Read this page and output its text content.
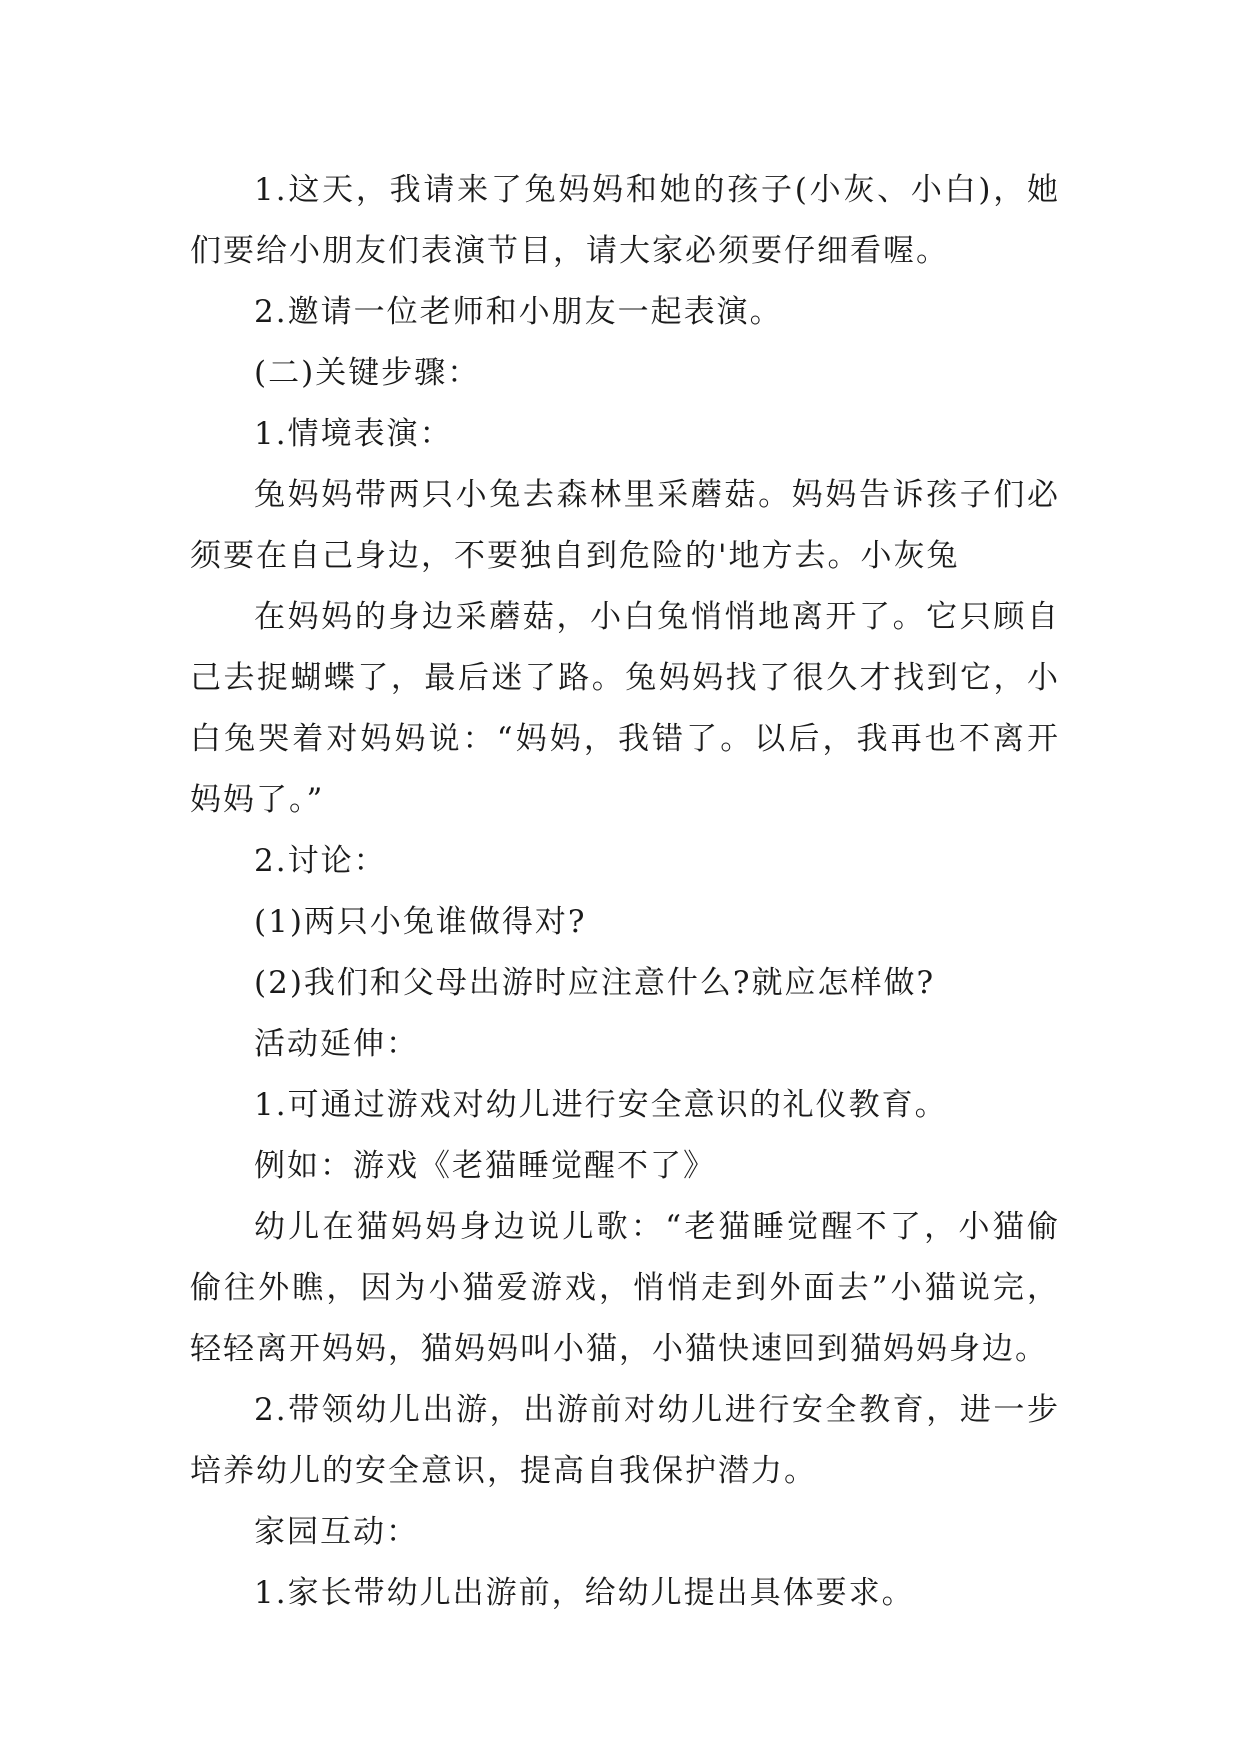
1.这天，我请来了兔妈妈和她的孩子(小灰、小白)，她们要给小朋友们表演节目，请大家必须要仔细看喔。

2.邀请一位老师和小朋友一起表演。

(二)关键步骤：

1.情境表演：

兔妈妈带两只小兔去森林里采蘑菇。妈妈告诉孩子们必须要在自己身边，不要独自到危险的'地方去。小灰兔

在妈妈的身边采蘑菇，小白兔悄悄地离开了。它只顾自己去捉蝴蝶了，最后迷了路。兔妈妈找了很久才找到它，小白兔哭着对妈妈说：“妈妈，我错了。以后，我再也不离开妈妈了。”

2.讨论：

(1)两只小兔谁做得对?

(2)我们和父母出游时应注意什么?就应怎样做?

活动延伸：

1.可通过游戏对幼儿进行安全意识的礼仪教育。

例如：游戏《老猫睡觉醒不了》

幼儿在猫妈妈身边说儿歌：“老猫睡觉醒不了，小猫偷偷往外瞧，因为小猫爱游戏，悄悄走到外面去”小猫说完，轻轻离开妈妈，猫妈妈叫小猫，小猫快速回到猫妈妈身边。

2.带领幼儿出游，出游前对幼儿进行安全教育，进一步培养幼儿的安全意识，提高自我保护潜力。

家园互动：

1.家长带幼儿出游前，给幼儿提出具体要求。
